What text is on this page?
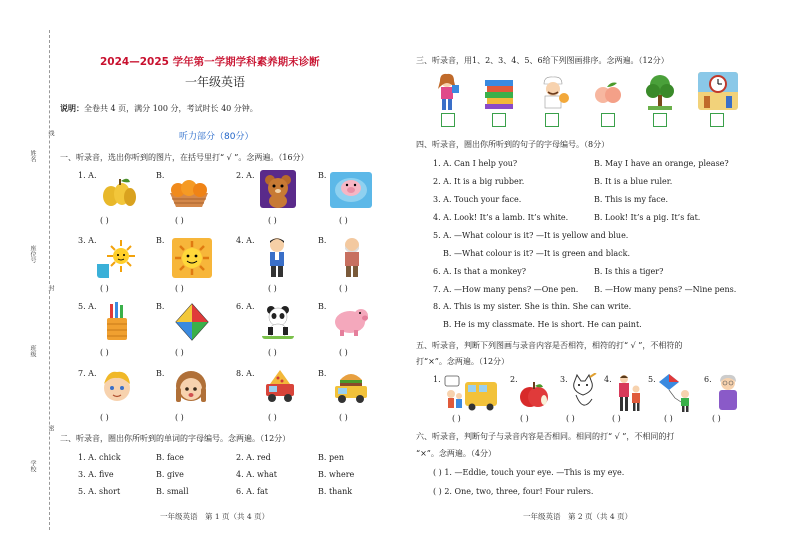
姓名
座位号
班级
学校
线
封
密
2024—2025 学年第一学期学科素养期末诊断
一年级英语
说明：全卷共 4 页，满分 100 分，考试时长 40 分钟。
听力部分（80分）
一、听录音，选出你听到的图片，在括号里打“ √ ”。念两遍。（16分）
1. A.	B.	2. A.	B.
( )	( )	( )	( )
3. A.	B.	4. A.	B.
( )	( )	( )	( )
5. A.	B.	6. A.	B.
( )	( )	( )	( )
7. A.	B.	8. A.	B.
( )	( )	( )	( )
二、听录音，圈出你所听到的单词的字母编号。念两遍。（12分）
1. A. chick	B. face	2. A. red	B. pen
3. A. five	B. give	4. A. what	B. where
5. A. short	B. small	6. A. fat	B. thank
一年级英语　第 1 页（共 4 页）
三、听录音，用1、2、3、4、5、6给下列图画排序。念两遍。（12分）
四、听录音，圈出你所听到的句子的字母编号。（8分）
1. A. Can I help you?	B. May I have an orange, please?
2. A. It is a big rubber.	B. It is a blue ruler.
3. A. Touch your face.	B. This is my face.
4. A. Look! It’s a lamb. It’s white.	B. Look! It’s a pig. It’s fat.
5. A. —What colour is it? —It is yellow and blue.
B. —What colour is it? —It is green and black.
6. A. Is that a monkey?	B. Is this a tiger?
7. A. —How many pens? —One pen. B. —How many pens? —Nine pens.
8. A. This is my sister. She is thin. She can write.
B. He is my classmate. He is short. He can paint.
五、听录音，判断下列图画与录音内容是否相符，相符的打“ √ ”，不相符的
打“×”。念两遍。（12分）
1.	2.	3.	4.	5.	6.
( )	( )	( )	( )	( )	( )
六、听录音，判断句子与录音内容是否相同。相同的打“ √ ”，不相同的打
“×”。念两遍。（4分）
( ) 1. —Eddie, touch your eye. —This is my eye.
( ) 2. One, two, three, four! Four rulers.
一年级英语　第 2 页（共 4 页）
